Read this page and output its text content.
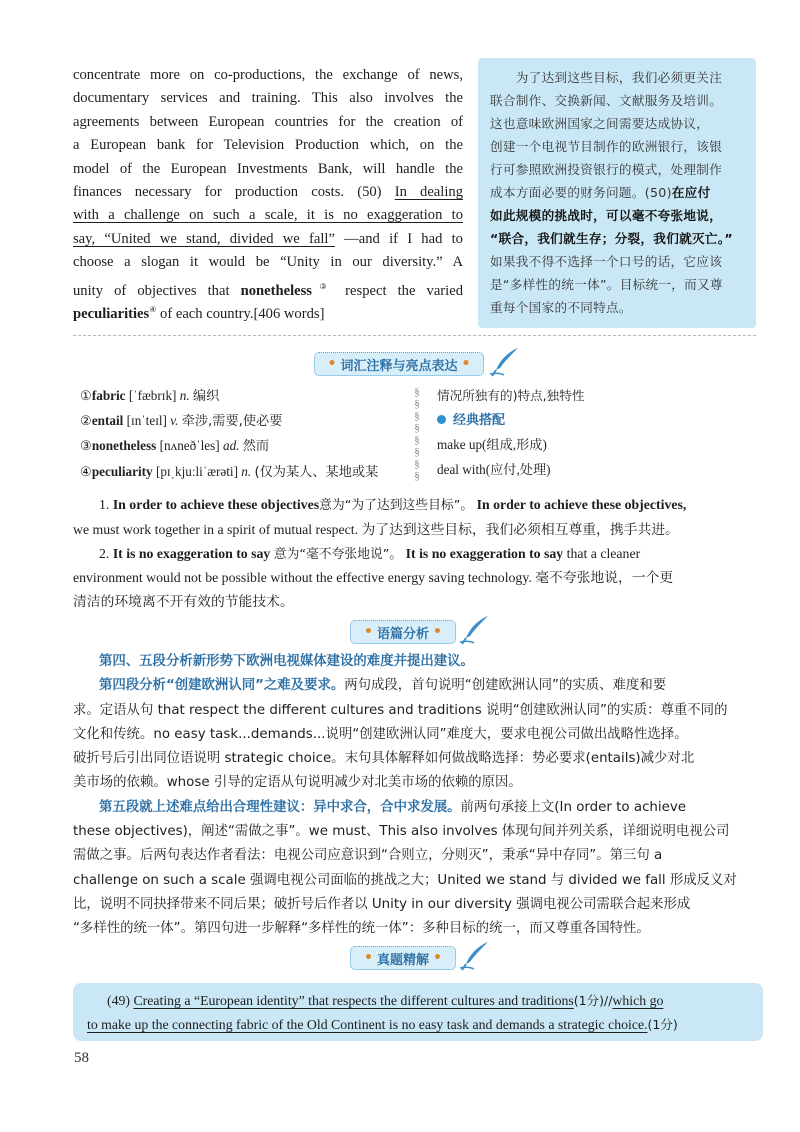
concentrate more on co-productions, the exchange of news,
documentary services and training. This also involves the
agreements between European countries for the creation of
a European bank for Television Production which, on the
model of the European Investments Bank, will handle the
finances necessary for production costs. (50) In dealing
with a challenge on such a scale, it is no exaggeration to
say, “United we stand, divided we fall” —and if I had to
choose a slogan it would be “Unity in our diversity.” A
unity of objectives that nonetheless③ respect the varied
peculiarities④ of each country.[406 words]
　　为了达到这些目标，我们必须更关注
联合制作、交换新闻、文献服务及培训。
这也意味欧洲国家之间需要达成协议，
创建一个电视节目制作的欧洲银行，该银
行可参照欧洲投资银行的模式，处理制作
成本方面必要的财务问题。(50)在应付
如此规模的挑战时，可以毫不夸张地说，
“联合，我们就生存；分裂，我们就灭亡。”
如果我不得不选择一个口号的话，它应该
是“多样性的统一体”。目标统一，而又尊
重每个国家的不同特点。
• 词汇注释与亮点表达 •
①fabric [ˈfæbrɪk] n. 编织
②entail [ɪnˈteɪl] v. 牵涉,需要,使必要
③nonetheless [nʌneðˈles] ad. 然而
④peculiarity [pɪˌkjuːliˈærəti] n. (仅为某人、某地或某
§
§
§
§
§
§
§
§
情况所独有的)特点,独特性
经典搭配
make up(组成,形成)
deal with(应付,处理)
1. In order to achieve these objectives意为“为了达到这些目标”。 In order to achieve these objectives,
we must work together in a spirit of mutual respect. 为了达到这些目标，我们必须相互尊重，携手共进。
2. It is no exaggeration to say 意为“毫不夸张地说”。 It is no exaggeration to say that a cleaner
environment would not be possible without the effective energy saving technology. 毫不夸张地说，一个更
清洁的环境离不开有效的节能技术。
• 语篇分析 •
第四、五段分析新形势下欧洲电视媒体建设的难度并提出建议。
第四段分析“创建欧洲认同”之难及要求。两句成段，首句说明“创建欧洲认同”的实质、难度和要
求。定语从句 that respect the different cultures and traditions 说明“创建欧洲认同”的实质：尊重不同的
文化和传统。no easy task...demands...说明“创建欧洲认同”难度大，要求电视公司做出战略性选择。
破折号后引出同位语说明 strategic choice。末句具体解释如何做战略选择：势必要求(entails)减少对北
美市场的依赖。whose 引导的定语从句说明减少对北美市场的依赖的原因。
第五段就上述难点给出合理性建议：异中求合，合中求发展。前两句承接上文(In order to achieve
these objectives)，阐述“需做之事”。we must、This also involves 体现句间并列关系，详细说明电视公司
需做之事。后两句表达作者看法：电视公司应意识到“合则立，分则灭”，秉承“异中存同”。第三句 a
challenge on such a scale 强调电视公司面临的挑战之大；United we stand 与 divided we fall 形成反义对
比，说明不同抉择带来不同后果；破折号后作者以 Unity in our diversity 强调电视公司需联合起来形成
“多样性的统一体”。第四句进一步解释“多样性的统一体”：多种目标的统一，而又尊重各国特性。
• 真题精解 •
(49) Creating a “European identity” that respects the different cultures and traditions(1分)//which go
to make up the connecting fabric of the Old Continent is no easy task and demands a strategic choice.(1分)
58
